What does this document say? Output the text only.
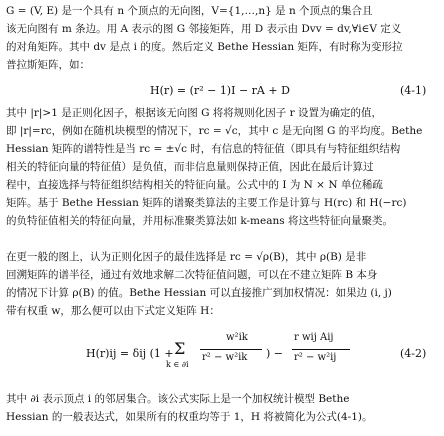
G = (V, E) 是一个具有 n 个顶点的无向图，V={1,…,n} 是 n 个顶点的集合且
该无向图有 m 条边。用 A 表示的图 G 邻接矩阵，用 D 表示由 Dvv = dv,∀i∈V 定义
的对角矩阵。其中 dv 是点 i 的度。然后定义 Bethe Hessian 矩阵，有时称为变形拉
普拉斯矩阵，如：
H(r) = (r² − 1)I − rA + D	(4-1)
其中 |r|>1 是正则化因子，根据该无向图 G 将将规则化因子 r 设置为确定的值，
即 |r|=rc，例如在随机块模型的情况下，rc = √c，其中 c 是无向图 G 的平均度。Bethe
Hessian 矩阵的谱特性是当 rc = ±√c 时，有信息的特征值（即具有与特征组织结构
相关的特征向量的特征值）是负值，而非信息量则保持正值，因此在最后计算过
程中，直接选择与特征组织结构相关的特征向量。公式中的 I 为 N × N 单位稀疏
矩阵。基于 Bethe Hessian 矩阵的谱聚类算法的主要工作是计算与 H(rc) 和 H(−rc)
的负特征值相关的特征向量，并用标准聚类算法如 k-means 将这些特征向量聚类。
在更一般的图上，认为正则化因子的最佳选择是 rc = √ρ(B)，其中 ρ(B) 是非
回溯矩阵的谱半径，通过有效地求解二次特征值问题，可以在不建立矩阵 B 本身
的情况下计算 ρ(B) 的值。Bethe Hessian 可以直接推广到加权情况：如果边 (i, j)
带有权重 w，那么便可以由下式定义矩阵 H：
H(r)ij = δij (1 + Σ
k ∈ ∂i
w²ik
r² − w²ik ) −
r wij Aij
r² − w²ij	(4-2)
其中 ∂i 表示顶点 i 的邻居集合。该公式实际上是一个加权统计模型 Bethe
Hessian 的一般表达式，如果所有的权重均等于 1，H 将被简化为公式(4-1)。
